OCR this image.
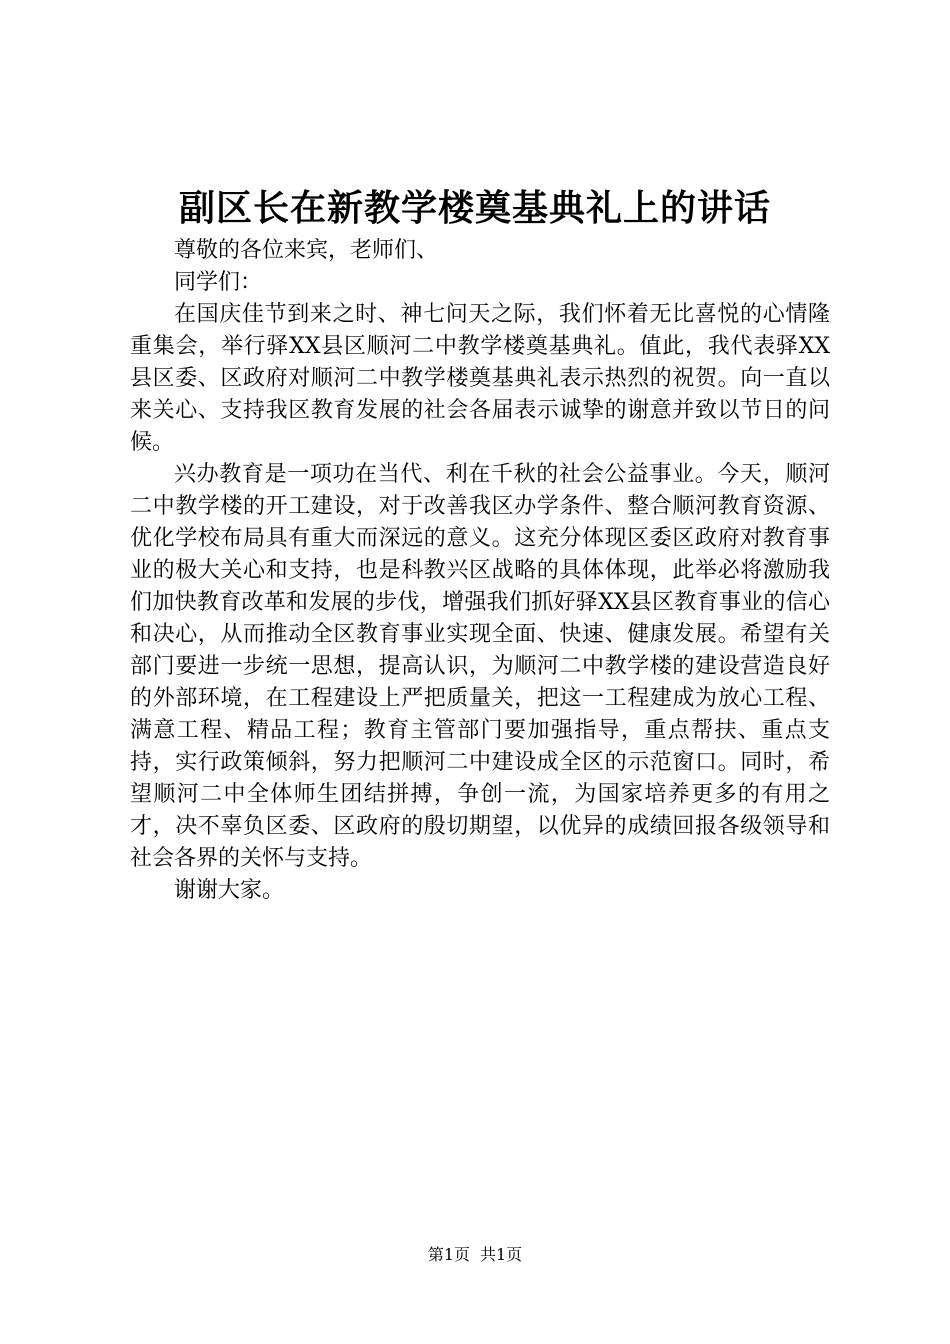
副区长在新教学楼奠基典礼上的讲话

尊敬的各位来宾，老师们、

同学们：

在国庆佳节到来之时、神七问天之际，我们怀着无比喜悦的心情隆重集会，举行驿XX县区顺河二中教学楼奠基典礼。值此，我代表驿XX县区委、区政府对顺河二中教学楼奠基典礼表示热烈的祝贺。向一直以来关心、支持我区教育发展的社会各届表示诚挚的谢意并致以节日的问候。

兴办教育是一项功在当代、利在千秋的社会公益事业。今天，顺河二中教学楼的开工建设，对于改善我区办学条件、整合顺河教育资源、优化学校布局具有重大而深远的意义。这充分体现区委区政府对教育事业的极大关心和支持，也是科教兴区战略的具体体现，此举必将激励我们加快教育改革和发展的步伐，增强我们抓好驿XX县区教育事业的信心和决心，从而推动全区教育事业实现全面、快速、健康发展。希望有关部门要进一步统一思想，提高认识，为顺河二中教学楼的建设营造良好的外部环境，在工程建设上严把质量关，把这一工程建成为放心工程、满意工程、精品工程；教育主管部门要加强指导，重点帮扶、重点支持，实行政策倾斜，努力把顺河二中建设成全区的示范窗口。同时，希望顺河二中全体师生团结拼搏，争创一流，为国家培养更多的有用之才，决不辜负区委、区政府的殷切期望，以优异的成绩回报各级领导和社会各界的关怀与支持。

谢谢大家。

第1页 共1页
